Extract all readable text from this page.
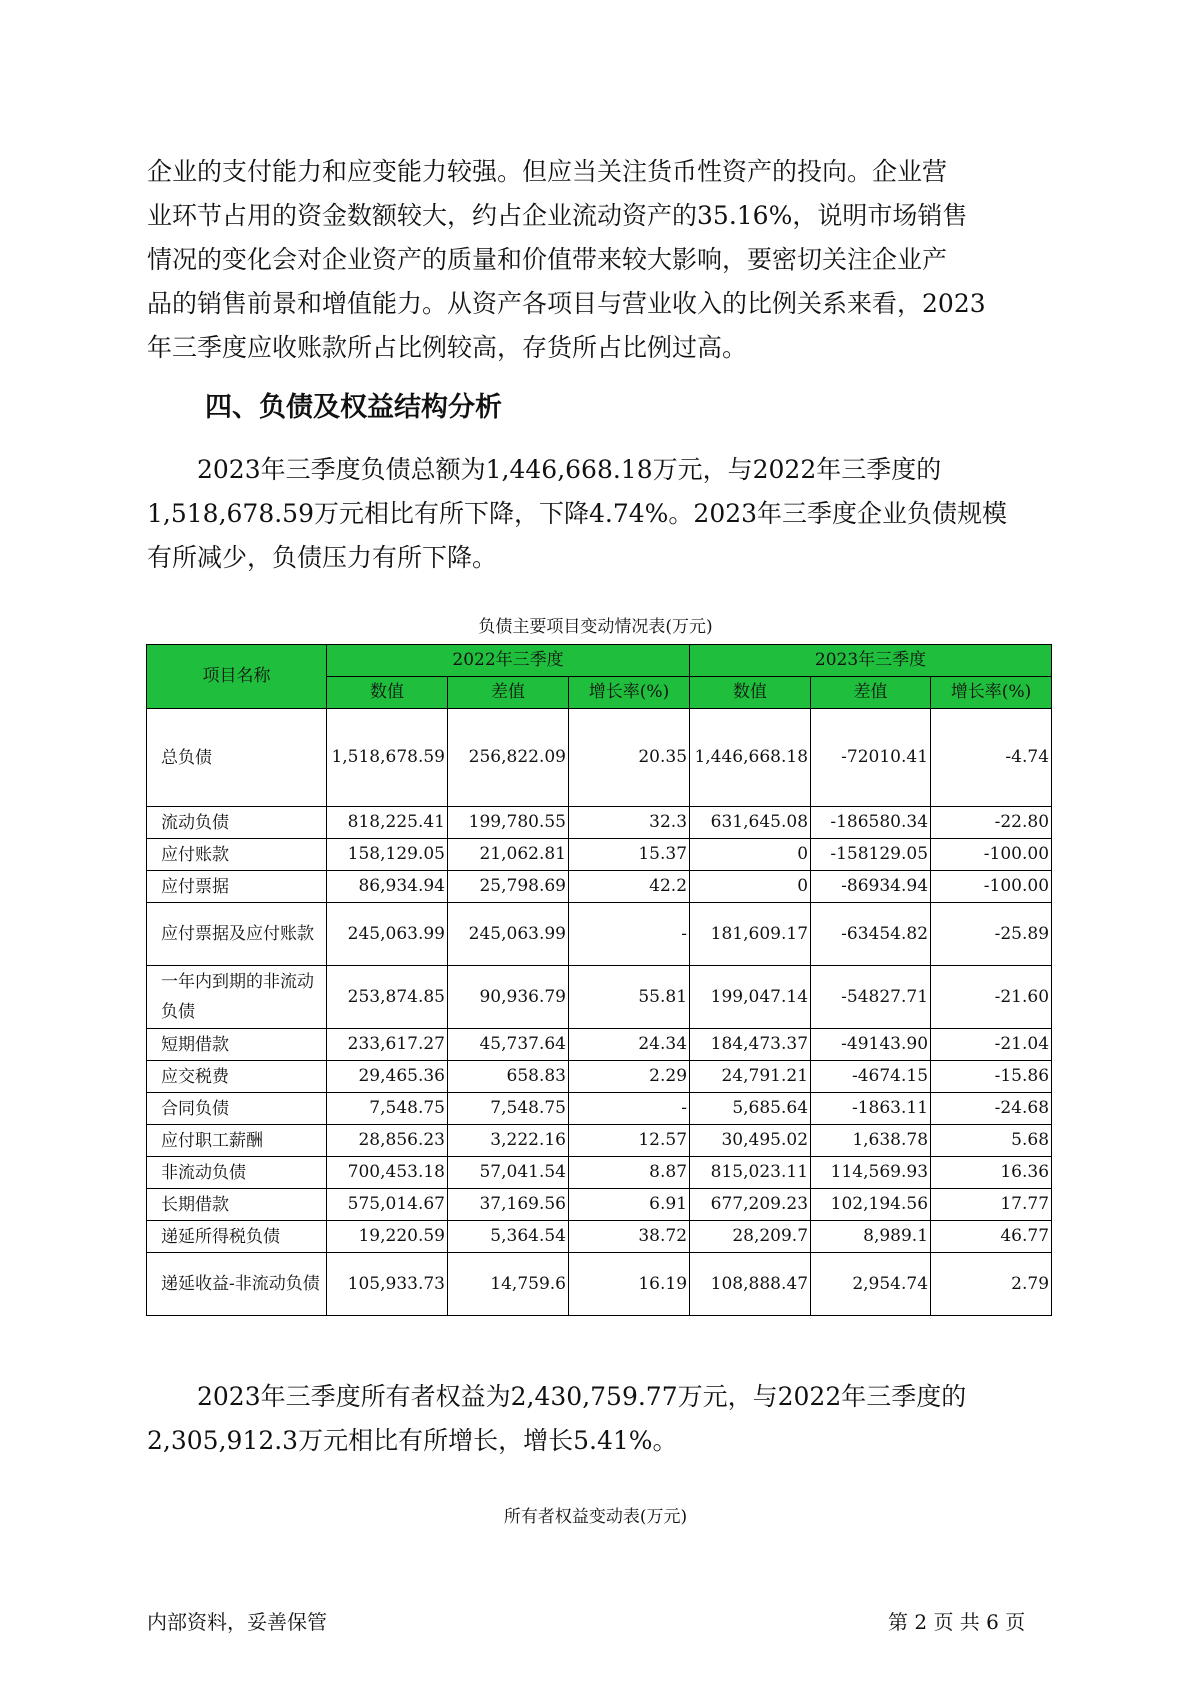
企业的支付能力和应变能力较强。但应当关注货币性资产的投向。企业营
业环节占用的资金数额较大，约占企业流动资产的35.16%，说明市场销售
情况的变化会对企业资产的质量和价值带来较大影响，要密切关注企业产
品的销售前景和增值能力。从资产各项目与营业收入的比例关系来看，2023
年三季度应收账款所占比例较高，存货所占比例过高。

四、负债及权益结构分析

2023年三季度负债总额为1,446,668.18万元，与2022年三季度的
1,518,678.59万元相比有所下降，下降4.74%。2023年三季度企业负债规模
有所减少，负债压力有所下降。

负债主要项目变动情况表(万元)

项目名称	2022年三季度			2023年三季度		
	数值	差值	增长率(%)	数值	差值	增长率(%)
总负债	1,518,678.59	256,822.09	20.35	1,446,668.18	-72010.41	-4.74
流动负债	818,225.41	199,780.55	32.3	631,645.08	-186580.34	-22.80
应付账款	158,129.05	21,062.81	15.37	0	-158129.05	-100.00
应付票据	86,934.94	25,798.69	42.2	0	-86934.94	-100.00
应付票据及应付账款	245,063.99	245,063.99	-	181,609.17	-63454.82	-25.89
一年内到期的非流动负债	253,874.85	90,936.79	55.81	199,047.14	-54827.71	-21.60
短期借款	233,617.27	45,737.64	24.34	184,473.37	-49143.90	-21.04
应交税费	29,465.36	658.83	2.29	24,791.21	-4674.15	-15.86
合同负债	7,548.75	7,548.75	-	5,685.64	-1863.11	-24.68
应付职工薪酬	28,856.23	3,222.16	12.57	30,495.02	1,638.78	5.68
非流动负债	700,453.18	57,041.54	8.87	815,023.11	114,569.93	16.36
长期借款	575,014.67	37,169.56	6.91	677,209.23	102,194.56	17.77
递延所得税负债	19,220.59	5,364.54	38.72	28,209.7	8,989.1	46.77
递延收益-非流动负债	105,933.73	14,759.6	16.19	108,888.47	2,954.74	2.79

2023年三季度所有者权益为2,430,759.77万元，与2022年三季度的
2,305,912.3万元相比有所增长，增长5.41%。

所有者权益变动表(万元)

内部资料，妥善保管	第 2 页 共 6 页
